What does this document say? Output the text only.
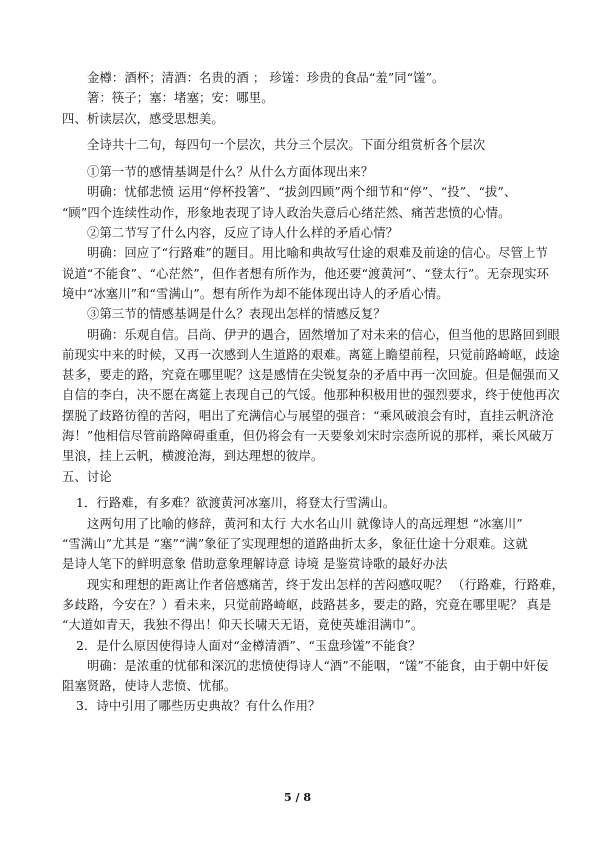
金樽：酒杯；清酒：名贵的酒 ； 珍馐：珍贵的食品“羞”同“馐”。
箸：筷子；塞：堵塞；安：哪里。
四、析读层次，感受思想美。
全诗共十二句，每四句一个层次，共分三个层次。下面分组赏析各个层次
①第一节的感情基调是什么？从什么方面体现出来？
明确：忧郁悲愤 运用“停杯投箸”、“拔剑四顾”两个细节和“停”、“投”、“拔”、
“顾”四个连续性动作，形象地表现了诗人政治失意后心绪茫然、痛苦悲愤的心情。
②第二节写了什么内容，反应了诗人什么样的矛盾心情？
明确：回应了“行路难”的题目。用比喻和典故写仕途的艰难及前途的信心。尽管上节
说道“不能食”、“心茫然”，但作者想有所作为，他还要“渡黄河”、“登太行”。无奈现实环
境中“冰塞川”和“雪满山”。想有所作为却不能体现出诗人的矛盾心情。
③第三节的情感基调是什么？表现出怎样的情感反复？
明确：乐观自信。吕尚、伊尹的遇合，固然增加了对未来的信心，但当他的思路回到眼
前现实中来的时候，又再一次感到人生道路的艰难。离筵上瞻望前程，只觉前路崎岖，歧途
甚多，要走的路，究竟在哪里呢？这是感情在尖锐复杂的矛盾中再一次回旋。但是倔强而又
自信的李白，决不愿在离筵上表现自己的气馁。他那种积极用世的强烈要求，终于使他再次
摆脱了歧路彷徨的苦闷，唱出了充满信心与展望的强音：“乘风破浪会有时，直挂云帆济沧
海！”他相信尽管前路障碍重重，但仍将会有一天要象刘宋时宗悫所说的那样，乘长风破万
里浪，挂上云帆，横渡沧海，到达理想的彼岸。
五、讨论
1．行路难，有多难？欲渡黄河冰塞川，将登太行雪满山。
这两句用了比喻的修辞，黄河和太行 大水名山川 就像诗人的高远理想 “冰塞川”
“雪满山”尤其是 “塞”“满”象征了实现理想的道路曲折太多，象征仕途十分艰难。这就
是诗人笔下的鲜明意象 借助意象理解诗意 诗境 是鉴赏诗歌的最好办法
现实和理想的距离让作者倍感痛苦，终于发出怎样的苦闷感叹呢？ （行路难，行路难，
多歧路，今安在？）看未来，只觉前路崎岖，歧路甚多，要走的路，究竟在哪里呢？ 真是
“大道如青天，我独不得出！仰天长啸天无语，竟使英雄泪满巾”。
2．是什么原因使得诗人面对“金樽清酒”、“玉盘珍馐”不能食？
明确：是浓重的忧郁和深沉的悲愤使得诗人“酒”不能咽，“馐”不能食，由于朝中奸佞
阻塞贤路，使诗人悲愤、忧郁。
3．诗中引用了哪些历史典故？有什么作用？
5 / 8
